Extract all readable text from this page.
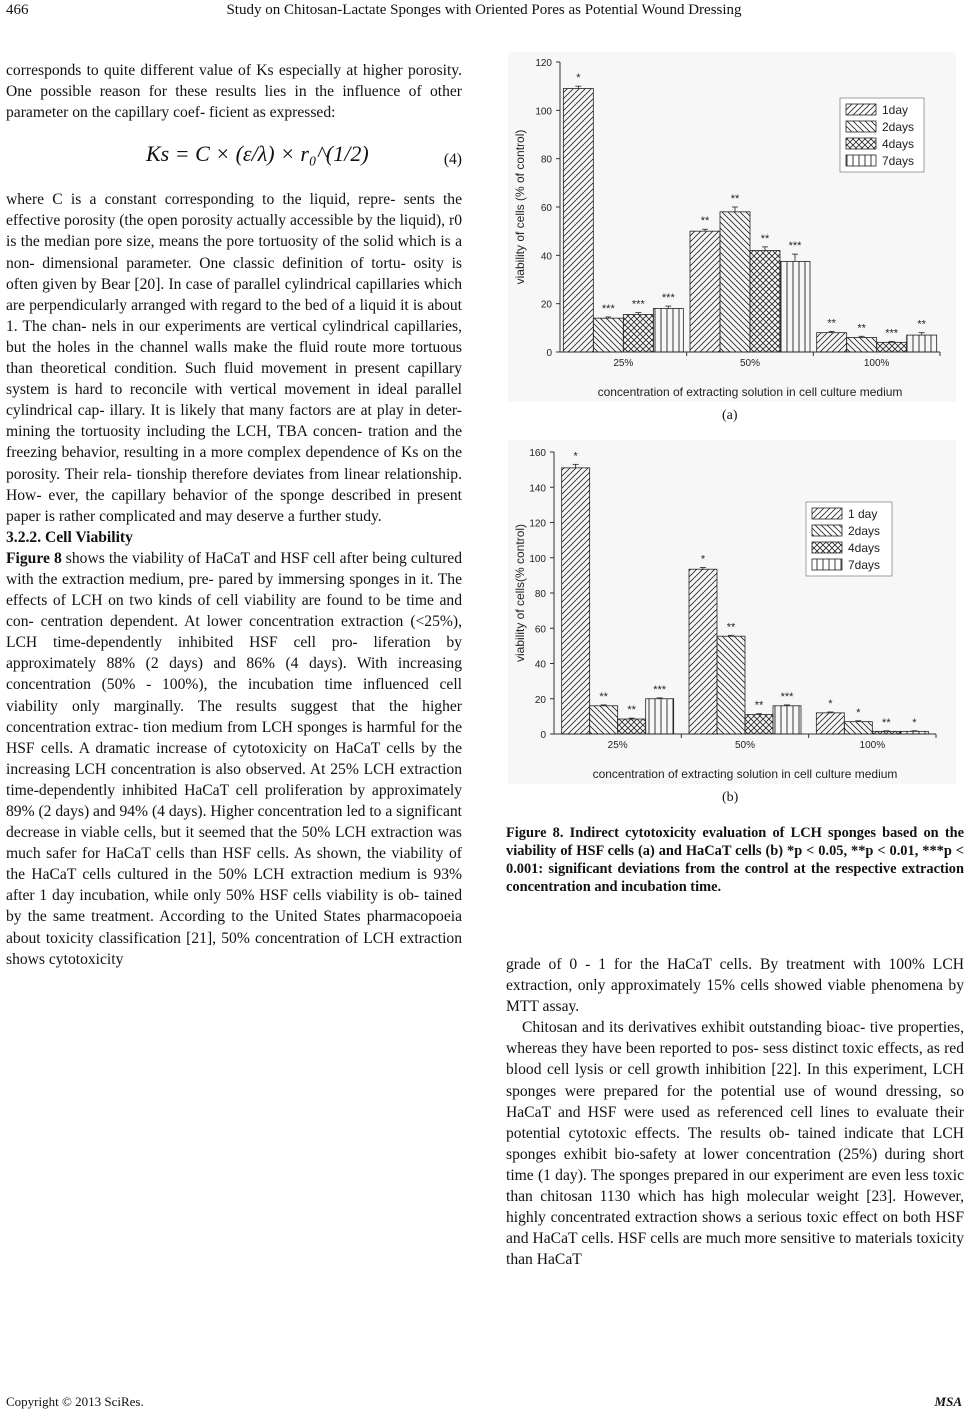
466	Study on Chitosan-Lactate Sponges with Oriented Pores as Potential Wound Dressing

corresponds to quite different value of Ks especially at higher porosity. One possible reason for these results lies in the influence of other parameter on the capillary coef- ficient as expressed:

Ks = C × (ε/λ) × r₀^(1/2)	(4)

where C is a constant corresponding to the liquid, repre- sents the effective porosity (the open porosity actually accessible by the liquid), r0 is the median pore size, means the pore tortuosity of the solid which is a non- dimensional parameter. One classic definition of tortu- osity is often given by Bear [20]. In case of parallel cylindrical capillaries which are perpendicularly arranged with regard to the bed of a liquid it is about 1. The chan- nels in our experiments are vertical cylindrical capillaries, but the holes in the channel walls make the fluid route more tortuous than theoretical condition. Such fluid movement in present capillary system is hard to reconcile with vertical movement in ideal parallel cylindrical cap- illary. It is likely that many factors are at play in deter- mining the tortuosity including the LCH, TBA concen- tration and the freezing behavior, resulting in a more complex dependence of Ks on the porosity. Their rela- tionship therefore deviates from linear relationship. How- ever, the capillary behavior of the sponge described in present paper is rather complicated and may deserve a further study.

3.2.2. Cell Viability

Figure 8 shows the viability of HaCaT and HSF cell after being cultured with the extraction medium, pre- pared by immersing sponges in it. The effects of LCH on two kinds of cell viability are found to be time and con- centration dependent. At lower concentration extraction (<25%), LCH time-dependently inhibited HSF cell pro- liferation by approximately 88% (2 days) and 86% (4 days). With increasing concentration (50% - 100%), the incubation time influenced cell viability only marginally. The results suggest that the higher concentration extrac- tion medium from LCH sponges is harmful for the HSF cells. A dramatic increase of cytotoxicity on HaCaT cells by the increasing LCH concentration is also observed. At 25% LCH extraction time-dependently inhibited HaCaT cell proliferation by approximately 89% (2 days) and 94% (4 days). Higher concentration led to a significant decrease in viable cells, but it seemed that the 50% LCH extraction was much safer for HaCaT cells than HSF cells. As shown, the viability of the HaCaT cells cultured in the 50% LCH extraction medium is 93% after 1 day incubation, while only 50% HSF cells viability is ob- tained by the same treatment. According to the United States pharmacopoeia about toxicity classification [21], 50% concentration of LCH extraction shows cytotoxicity

0
20
40
60
80
100
120
*
*** ***
***
25%
**
**
**
***
50%
** ** ***
**
100%
concentration of extracting solution in cell culture medium
viability of cells (% of control)
1day
2days
4days
7days
(a)
0
20
40
60
80
100
120
140
160	*
**
**
***
25%
*
**
**
***
50%
*
*
** *
100%
concentration of extracting solution in cell culture medium
viability of cells(% control)
1 day
2days
4days
7days
(b)
Figure 8. Indirect cytotoxicity evaluation of LCH sponges based on the viability of HSF cells (a) and HaCaT cells (b) *p < 0.05, **p < 0.01, ***p < 0.001: significant deviations from the control at the respective extraction concentration and incubation time.

grade of 0 - 1 for the HaCaT cells. By treatment with 100% LCH extraction, only approximately 15% cells showed viable phenomena by MTT assay.

Chitosan and its derivatives exhibit outstanding bioac- tive properties, whereas they have been reported to pos- sess distinct toxic effects, as red blood cell lysis or cell growth inhibition [22]. In this experiment, LCH sponges were prepared for the potential use of wound dressing, so HaCaT and HSF were used as referenced cell lines to evaluate their potential cytotoxic effects. The results ob- tained indicate that LCH sponges exhibit bio-safety at lower concentration (25%) during short time (1 day). The sponges prepared in our experiment are even less toxic than chitosan 1130 which has high molecular weight [23]. However, highly concentrated extraction shows a serious toxic effect on both HSF and HaCaT cells. HSF cells are much more sensitive to materials toxicity than HaCaT

Copyright © 2013 SciRes.	MSA
